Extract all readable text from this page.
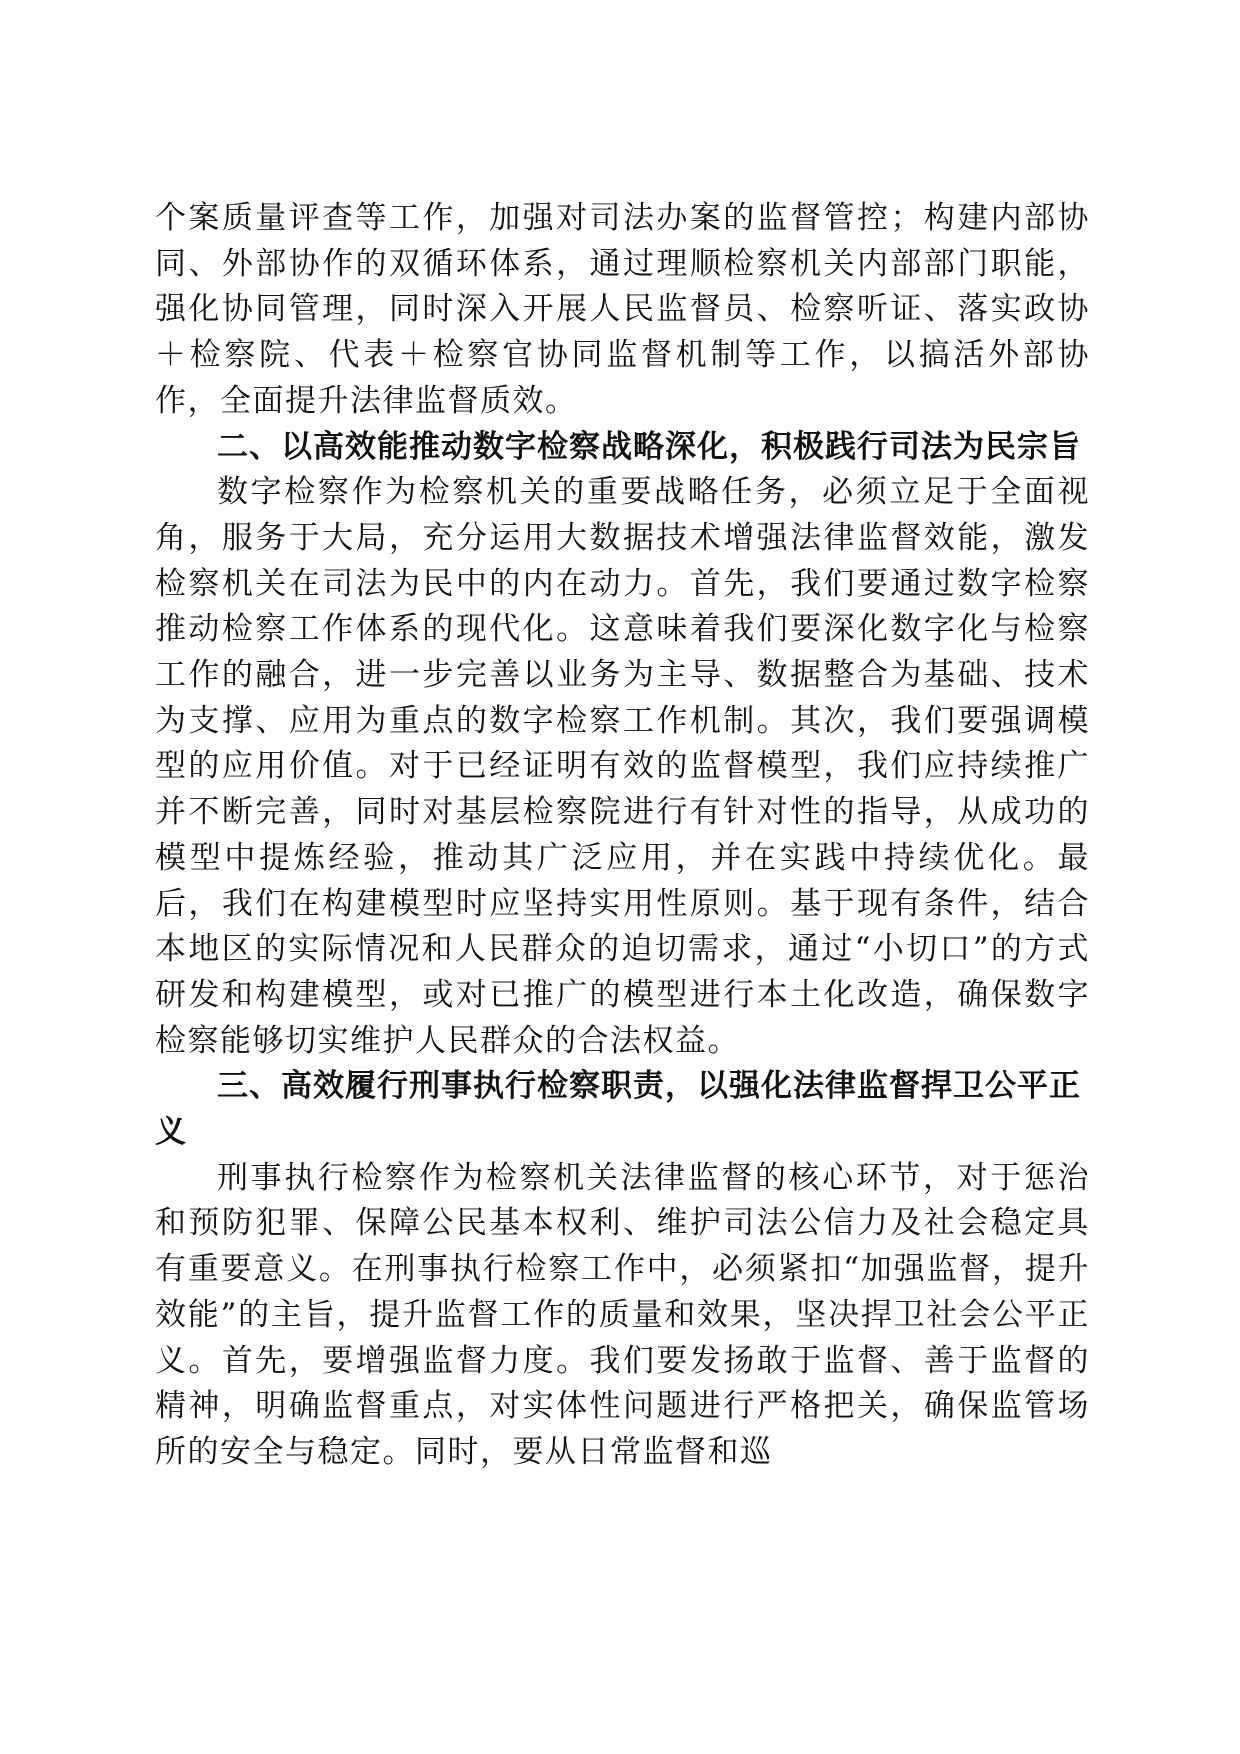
个案质量评查等工作，加强对司法办案的监督管控；构建内部协同、外部协作的双循环体系，通过理顺检察机关内部部门职能，强化协同管理，同时深入开展人民监督员、检察听证、落实政协＋检察院、代表＋检察官协同监督机制等工作，以搞活外部协作，全面提升法律监督质效。

二、以高效能推动数字检察战略深化，积极践行司法为民宗旨

数字检察作为检察机关的重要战略任务，必须立足于全面视角，服务于大局，充分运用大数据技术增强法律监督效能，激发检察机关在司法为民中的内在动力。首先，我们要通过数字检察推动检察工作体系的现代化。这意味着我们要深化数字化与检察工作的融合，进一步完善以业务为主导、数据整合为基础、技术为支撑、应用为重点的数字检察工作机制。其次，我们要强调模型的应用价值。对于已经证明有效的监督模型，我们应持续推广并不断完善，同时对基层检察院进行有针对性的指导，从成功的模型中提炼经验，推动其广泛应用，并在实践中持续优化。最后，我们在构建模型时应坚持实用性原则。基于现有条件，结合本地区的实际情况和人民群众的迫切需求，通过“小切口”的方式研发和构建模型，或对已推广的模型进行本土化改造，确保数字检察能够切实维护人民群众的合法权益。

三、高效履行刑事执行检察职责，以强化法律监督捍卫公平正义

刑事执行检察作为检察机关法律监督的核心环节，对于惩治和预防犯罪、保障公民基本权利、维护司法公信力及社会稳定具有重要意义。在刑事执行检察工作中，必须紧扣“加强监督，提升效能”的主旨，提升监督工作的质量和效果，坚决捍卫社会公平正义。首先，要增强监督力度。我们要发扬敢于监督、善于监督的精神，明确监督重点，对实体性问题进行严格把关，确保监管场所的安全与稳定。同时，要从日常监督和巡
